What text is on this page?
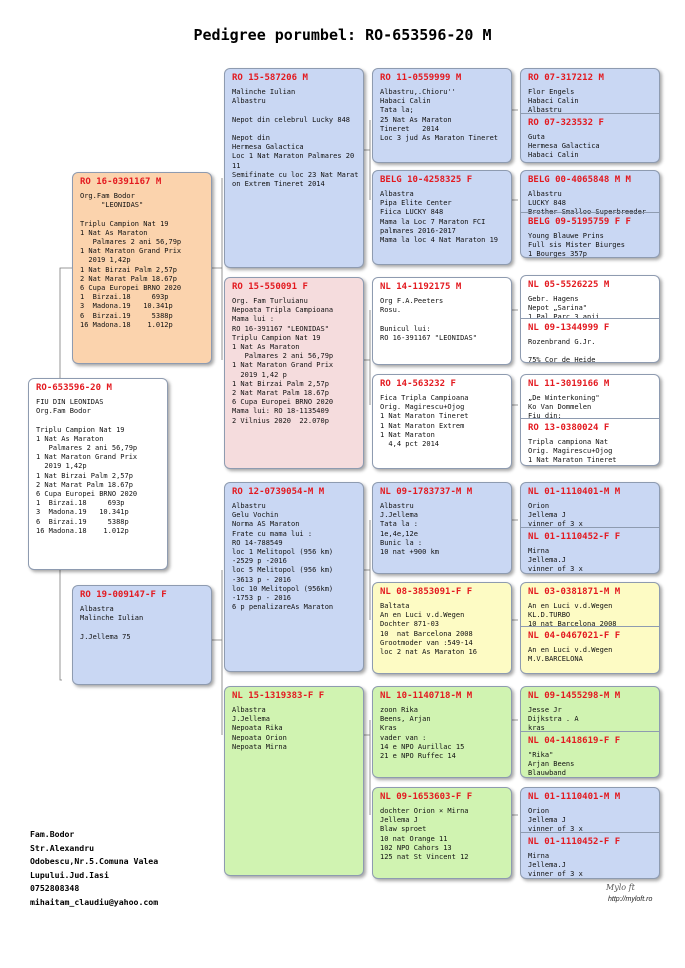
Pedigree porumbel: RO-653596-20 M
RO-653596-20 M
FIU DIN LEONIDAS
Org.Fam Bodor

Triplu Campion Nat 19
1 Nat As Maraton
Palmares 2 ani 56,79p
1 Nat Maraton Grand Prix
2019 1,42p
1 Nat Birzai Palm 2,57p
2 Nat Marat Palm 18.67p
6 Cupa Europei BRNO 2020
1  Birzai.18     693p
3  Madona.19   10.341p
6  Birzai.19     5388p
16 Madona.18    1.012p
RO 16-0391167 M
Org.Fam Bodor
"LEONIDAS"

Triplu Campion Nat 19
1 Nat As Maraton
Palmares 2 ani 56,79p
1 Nat Maraton Grand Prix
2019 1,42p
1 Nat Birzai Palm 2,57p
2 Nat Marat Palm 18.67p
6 Cupa Europei BRNO 2020
1  Birzai.18     693p
3  Madona.19   10.341p
6  Birzai.19     5388p
16 Madona.18    1.012p
RO 19-009147-F F
Albastra
Malinche Iulian

J.Jellema 75
RO 15-587206 M
Malinche Iulian
Albastru

Nepot din celebrul Lucky 848

Nepot din
Hermesa Galactica
Loc 1 Nat Maraton Palmares 20
11
Semifinate cu loc 23 Nat Marat
on Extrem Tineret 2014
RO 15-550091 F
Org. Fam Turluianu
Nepoata Tripla Campioana
Mama lui :
RO 16-391167 "LEONIDAS"
Triplu Campion Nat 19
1 Nat As Maraton
Palmares 2 ani 56,79p
1 Nat Maraton Grand Prix
2019 1,42 p
1 Nat Birzai Palm 2,57p
2 Nat Marat Palm 18.67p
6 Cupa Europei BRNO 2020
Mama lui: RO 18-1135409
2 Vilnius 2020  22.070p
RO 12-0739054-M M
Albastru
Gelu Vochin
Norma AS Maraton
Frate cu mama lui :
RO 14-788549
loc 1 Melitopol (956 km)
-2529 p -2016
loc 5 Melitopol (956 km)
-3613 p - 2016
loc 10 Melitopol (956km)
-1753 p - 2016
6 p penalizareAs Maraton
NL 15-1319383-F F
Albastra
J.Jellema
Nepoata Rika
Nepoata Orion
Nepoata Mirna
RO 11-0559999 M
Albastru,.Chioru''
Habaci Calin
Tata la;
25 Nat As Maraton
Tineret   2014
Loc 3 jud As Maraton Tineret
BELG 10-4258325 F
Albastra
Pipa Elite Center
Fiica LUCKY 848
Mama la Loc 7 Maraton FCI
palmares 2016-2017
Mama la loc 4 Nat Maraton 19
NL 14-1192175 M
Org F.A.Peeters
Rosu.

Bunicul lui:
RO 16-391167 "LEONIDAS"
RO 14-563232 F
Fica Tripla Campioana
Orig. Magirescu+Ojog
1 Nat Maraton Tineret
1 Nat Maraton Extrem
1 Nat Maraton
4,4 pct 2014
NL 09-1783737-M M
Albastru
J.Jellema
Tata la :
1e,4e,12e
Bunic la :
10 nat +900 km
NL 08-3853091-F F
Baltata
An en Luci v.d.Wegen
Dochter 871-03
10  nat Barcelona 2008
Grootmoder van :549-14
loc 2 nat As Maraton 16
NL 10-1140718-M M
zoon Rika
Beens, Arjan
Kras
vader van :
14 e NPO Aurillac 15
21 e NPO Ruffec 14
NL 09-1653603-F F
dochter Orion × Mirna
Jellema J
Blaw sproet
10 nat Orange 11
102 NPO Cahors 13
125 nat St Vincent 12
RO 07-317212 M
Flor Engels
Habaci Calin
Albastru
RO 07-323532 F
Guta
Hermesa Galactica
Habaci Calin
BELG 00-4065848 M M
Albastru
LUCKY 848
Brother Smalloo Superbreeder
BELG 09-5195759 F F
Young Blauwe Prins
Full sis Mister Biurges
1 Bourges 357p
NL 05-5526225 M
Gebr. Hagens
Nepot „Sarina"
1 Pal Parc 3 anii
NL 09-1344999 F
Rozenbrand G.Jr.

75% Cor de Heide
NL 11-3019166 M
„De Winterkoning"
Ko Van Dommelen
Fiu din:
RO 13-0380024 F
Tripla campiona Nat
Orig. Magirescu+Ojog
1 Nat Maraton Tineret
NL 01-1110401-M M
Orion
Jellema J
vinner of 3 x
NL 01-1110452-F F
Mirna
Jellema.J
vinner of 3 x
NL 03-0381871-M M
An en Luci v.d.Wegen
KL.D.TURBO
10 nat Barcelona 2008
NL 04-0467021-F F
An en Luci v.d.Wegen
M.V.BARCELONA
NL 09-1455298-M M
Jesse Jr
Dijkstra . A
kras
NL 04-1418619-F F
"Rika"
Arjan Beens
Blauwband
NL 01-1110401-M M
Orion
Jellema J
vinner of 3 x
NL 01-1110452-F F
Mirna
Jellema.J
vinner of 3 x
Fam.Bodor
Str.Alexandru
Odobescu,Nr.5.Comuna Valea
Lupului.Jud.Iasi
0752808348
mihaitam_claudiu@yahoo.com
Mylo ft
http://myloft.ro
